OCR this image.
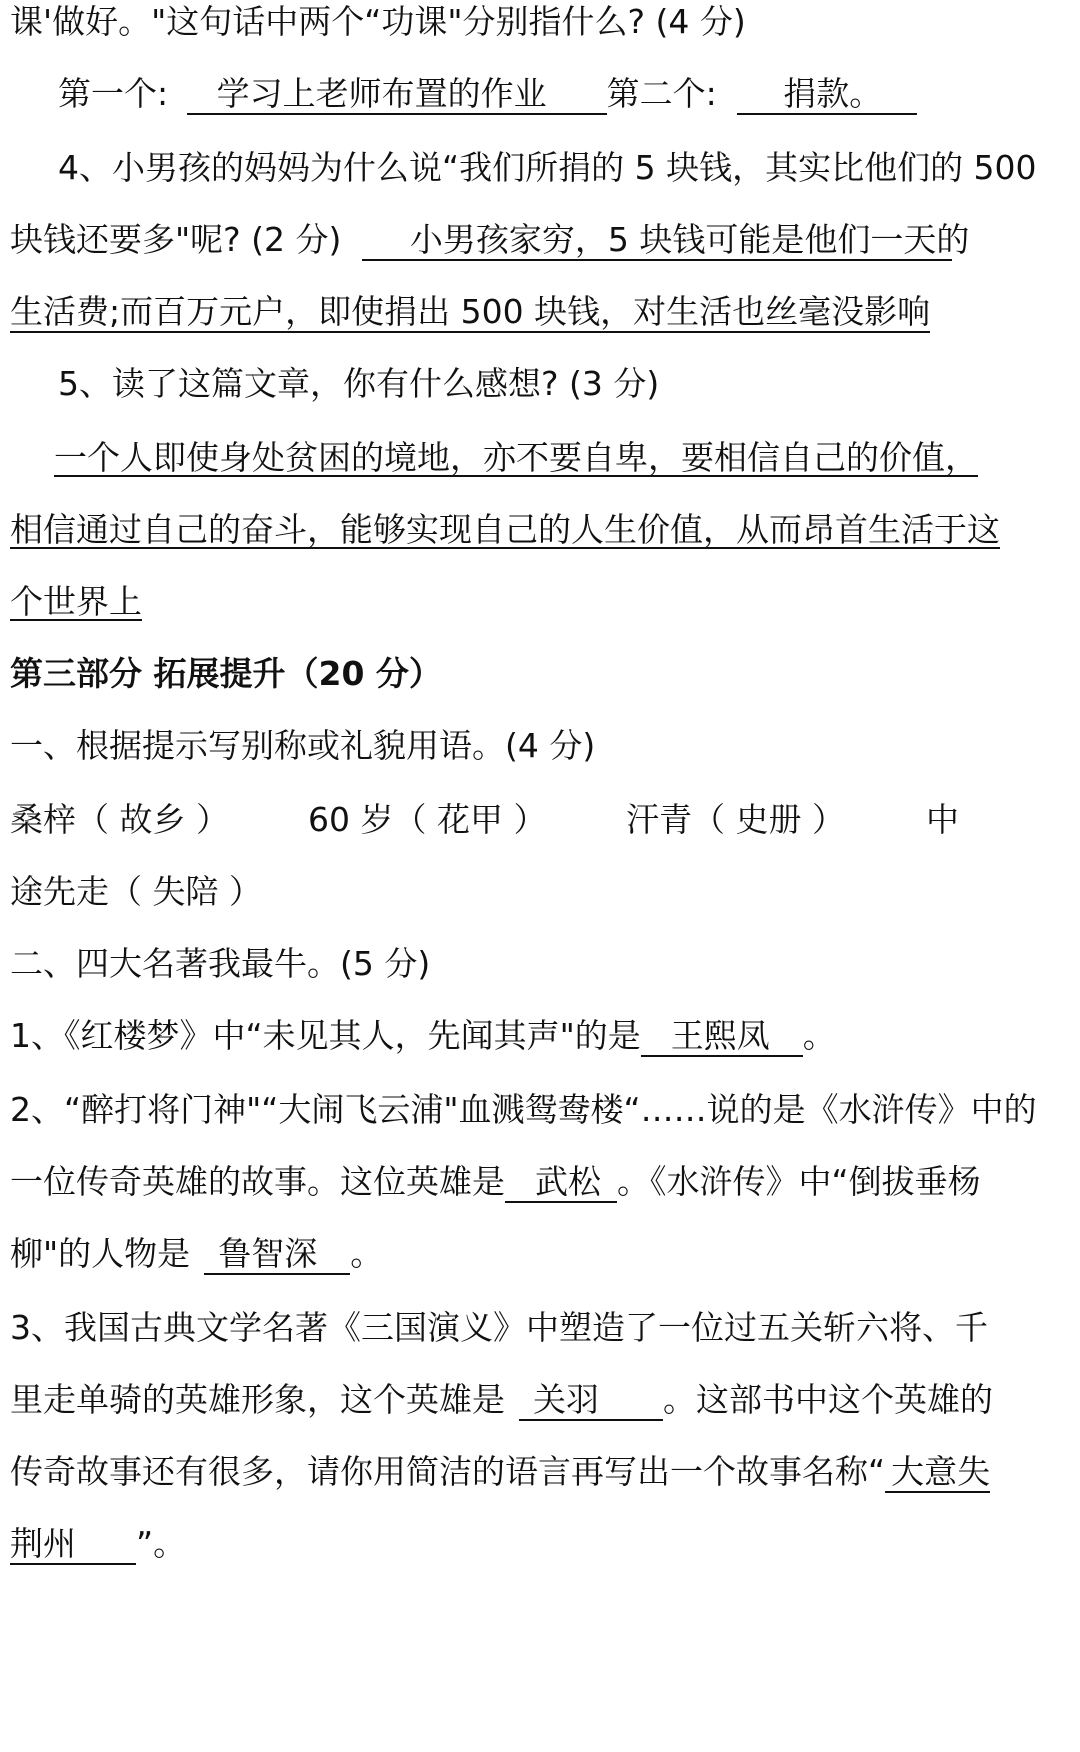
课'做好。"这句话中两个“功课"分别指什么? (4 分)
第一个: 学习上老师布置的作业 第二个: 捐款。
4、小男孩的妈妈为什么说“我们所捐的 5 块钱，其实比他们的 500
块钱还要多"呢? (2 分) 小男孩家穷，5 块钱可能是他们一天的
生活费;而百万元户，即使捐出 500 块钱，对生活也丝毫没影响
5、读了这篇文章，你有什么感想? (3 分)
一个人即使身处贫困的境地，亦不要自卑，要相信自己的价值，
相信通过自己的奋斗，能够实现自己的人生价值，从而昂首生活于这
个世界上
第三部分 拓展提升（20 分）
一、根据提示写别称或礼貌用语。(4 分)
桑梓（ 故乡 ） 60 岁（ 花甲 ） 汗青（ 史册 ） 中
途先走（ 失陪 ）
二、四大名著我最牛。(5 分)
1、《红楼梦》中“未见其人，先闻其声"的是 王熙凤 。
2、“醉打将门神"“大闹飞云浦"血溅鸳鸯楼“……说的是《水浒传》中的
一位传奇英雄的故事。这位英雄是 武松 。《水浒传》中“倒拔垂杨
柳"的人物是 鲁智深 。
3、我国古典文学名著《三国演义》中塑造了一位过五关斩六将、千
里走单骑的英雄形象，这个英雄是 关羽 。这部书中这个英雄的
传奇故事还有很多，请你用简洁的语言再写出一个故事名称“ 大意失
荆州 ”。
